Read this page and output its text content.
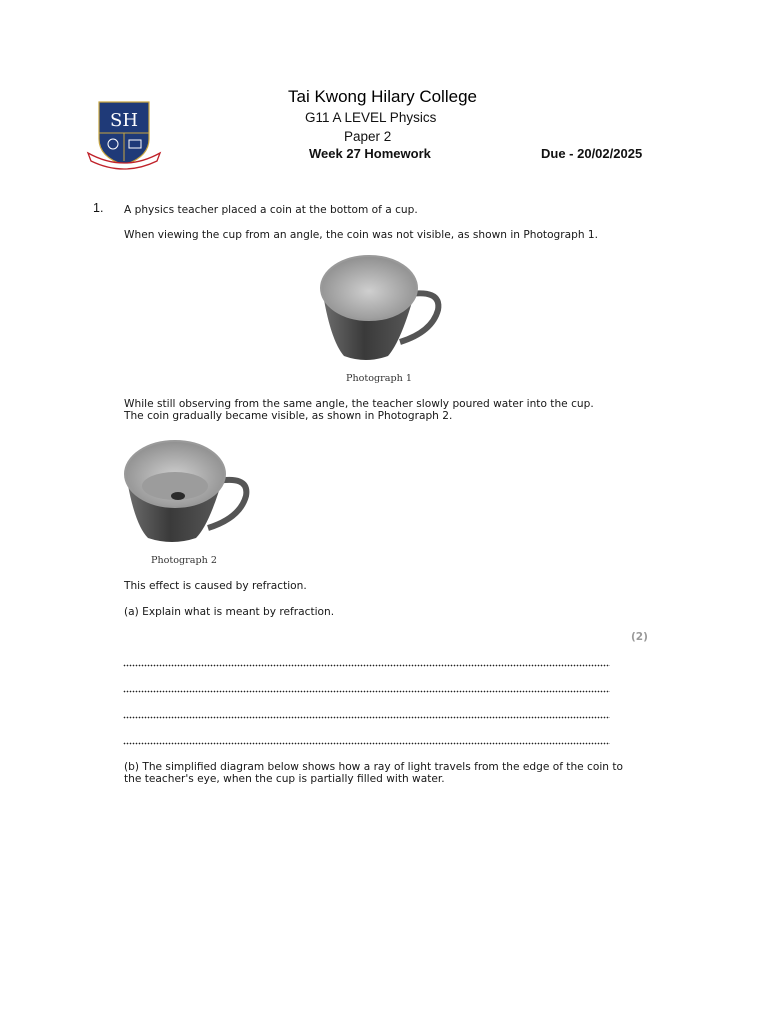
SH
Tai Kwong Hilary College
G11 A LEVEL Physics
Paper 2
Week 27 Homework	Due - 20/02/2025
1. A physics teacher placed a coin at the bottom of a cup.
When viewing the cup from an angle, the coin was not visible, as shown in Photograph 1.
Photograph 1
While still observing from the same angle, the teacher slowly poured water into the cup.
The coin gradually became visible, as shown in Photograph 2.
Photograph 2
This effect is caused by refraction.
(a) Explain what is meant by refraction.
(2)
(b) The simplified diagram below shows how a ray of light travels from the edge of the coin to
the teacher's eye, when the cup is partially filled with water.
